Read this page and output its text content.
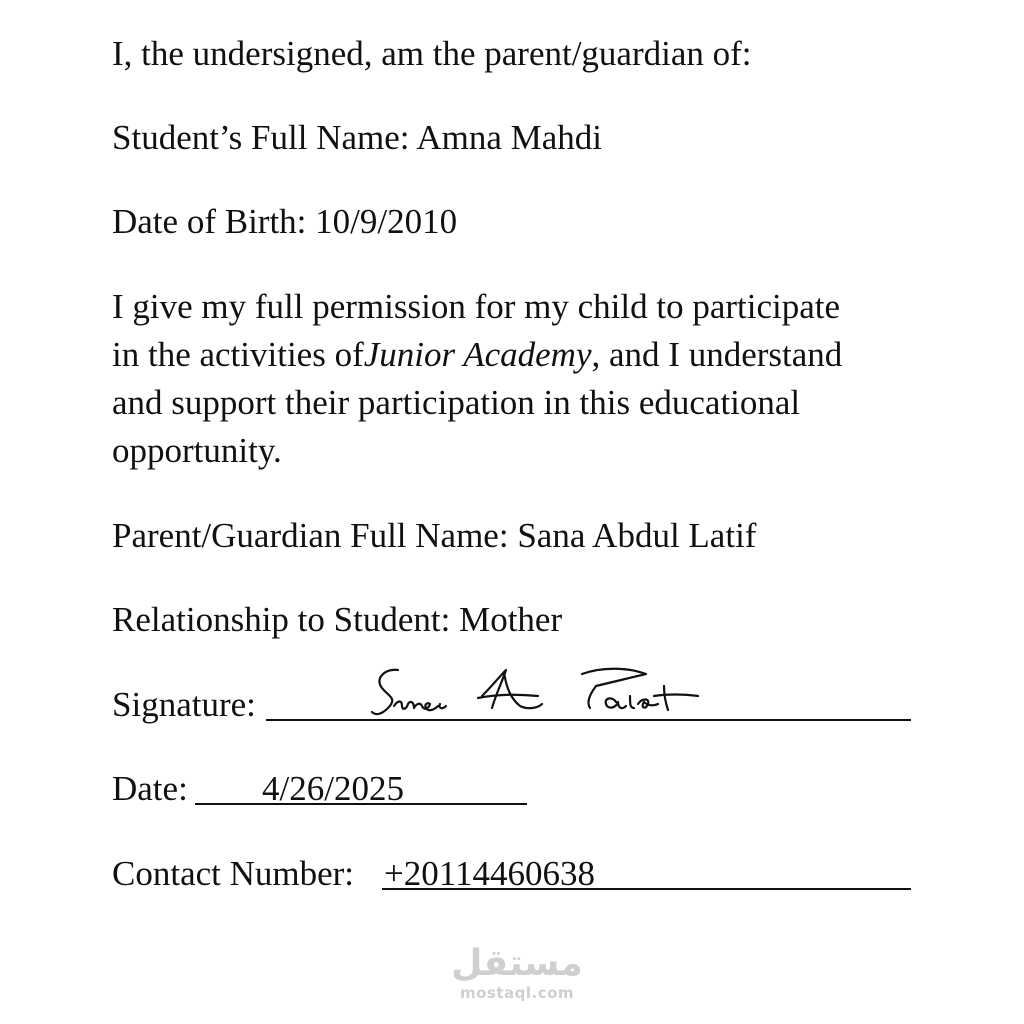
I, the undersigned, am the parent/guardian of:
Student’s Full Name: Amna Mahdi
Date of Birth: 10/9/2010

I give my full permission for my child to participate

in the activities ofJunior Academy, and I understand

and support their participation in this educational

opportunity.

Parent/Guardian Full Name: Sana Abdul Latif
Relationship to Student: Mother
Signature:
Date: 4/26/2025
Contact Number: +20114460638
مستقل
mostaql.com
